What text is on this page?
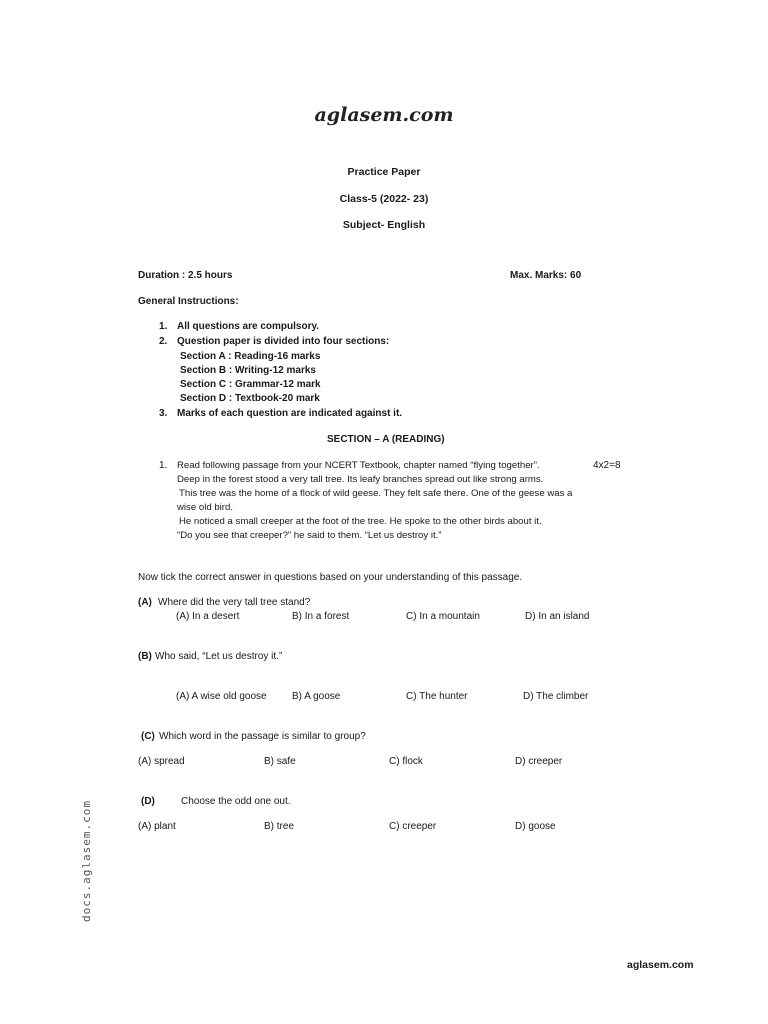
aglasem.com
Practice Paper
Class-5 (2022- 23)
Subject- English
Duration : 2.5 hours	Max. Marks: 60
General Instructions:
1. All questions are compulsory.
2. Question paper is divided into four sections:
Section A : Reading-16 marks
Section B : Writing-12 marks
Section C : Grammar-12 mark
Section D : Textbook-20 mark
3. Marks of each question are indicated against it.
SECTION – A (READING)
1. Read following passage from your NCERT Textbook, chapter named “flying together”.	4x2=8
Deep in the forest stood a very tall tree. Its leafy branches spread out like strong arms.
This tree was the home of a flock of wild geese. They felt safe there. One of the geese was a
wise old bird.
He noticed a small creeper at the foot of the tree. He spoke to the other birds about it.
“Do you see that creeper?” he said to them. “Let us destroy it.”
Now tick the correct answer in questions based on your understanding of this passage.
(A) Where did the very tall tree stand?
(A) In a desert	B) In a forest	C) In a mountain	D) In an island
(B) Who said, “Let us destroy it.”
(A) A wise old goose	B) A goose	C) The hunter	D) The climber
(C) Which word in the passage is similar to group?
(A) spread	B) safe	C) flock	D) creeper
(D)	Choose the odd one out.
(A) plant	B) tree	C) creeper	D) goose
docs.aglasem.com
aglasem.com
